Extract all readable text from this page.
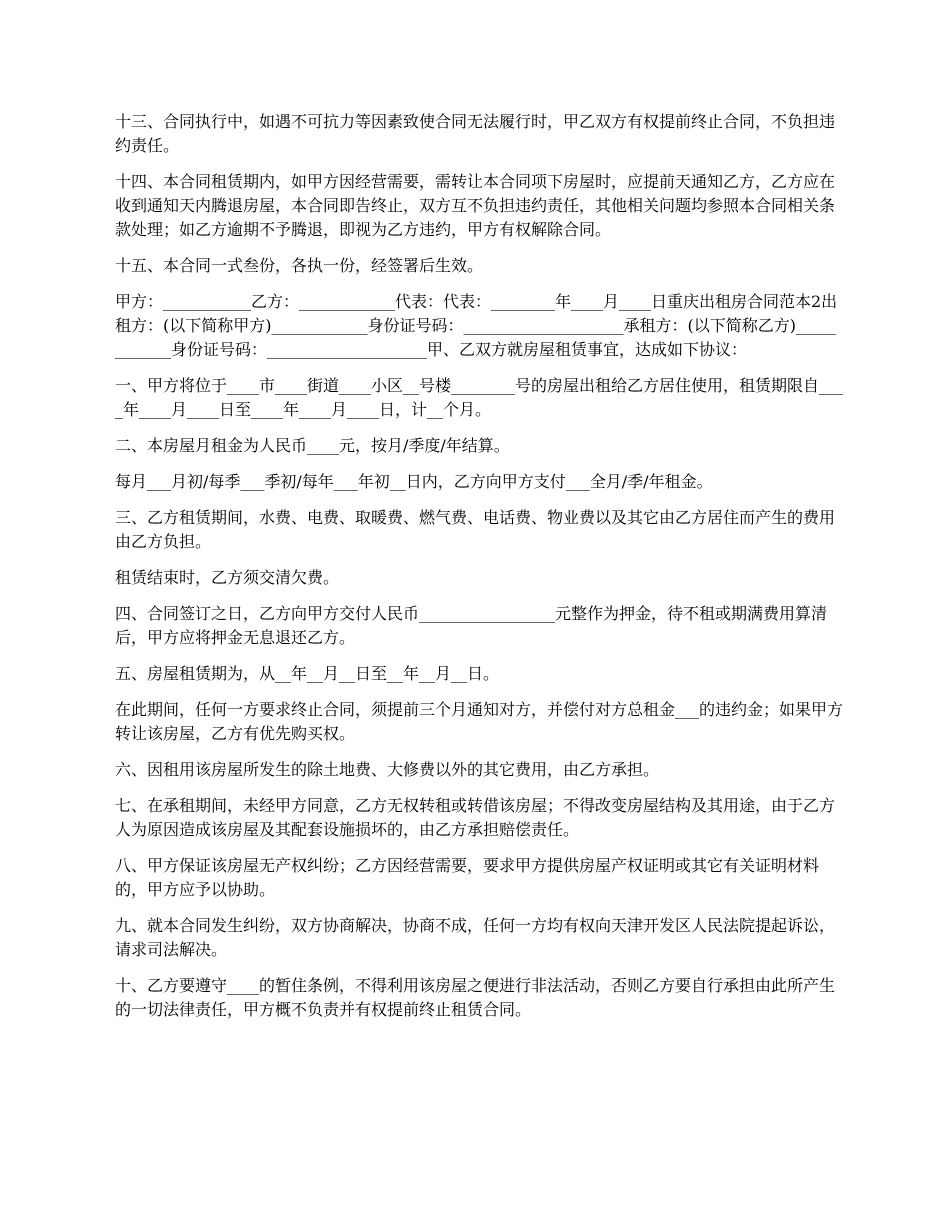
十三、合同执行中，如遇不可抗力等因素致使合同无法履行时，甲乙双方有权提前终止合同，不负担违约责任。

十四、本合同租赁期内，如甲方因经营需要，需转让本合同项下房屋时，应提前天通知乙方，乙方应在收到通知天内腾退房屋，本合同即告终止，双方互不负担违约责任，其他相关问题均参照本合同相关条款处理；如乙方逾期不予腾退，即视为乙方违约，甲方有权解除合同。

十五、本合同一式叁份，各执一份，经签署后生效。

甲方：___________乙方：____________代表：代表：________年____月____日重庆出租房合同范本2出租方：(以下简称甲方)____________身份证号码：____________________承租方：(以下简称乙方)____________身份证号码：____________________甲、乙双方就房屋租赁事宜，达成如下协议：

一、甲方将位于____市____街道____小区__号楼________号的房屋出租给乙方居住使用，租赁期限自____年____月____日至____年____月____日，计__个月。

二、本房屋月租金为人民币____元，按月/季度/年结算。

每月___月初/每季___季初/每年___年初__日内，乙方向甲方支付___全月/季/年租金。

三、乙方租赁期间，水费、电费、取暖费、燃气费、电话费、物业费以及其它由乙方居住而产生的费用由乙方负担。

租赁结束时，乙方须交清欠费。

四、合同签订之日，乙方向甲方交付人民币_________________元整作为押金，待不租或期满费用算清后，甲方应将押金无息退还乙方。

五、房屋租赁期为，从__年__月__日至__年__月__日。

在此期间，任何一方要求终止合同，须提前三个月通知对方，并偿付对方总租金___的违约金；如果甲方转让该房屋，乙方有优先购买权。

六、因租用该房屋所发生的除土地费、大修费以外的其它费用，由乙方承担。

七、在承租期间，未经甲方同意，乙方无权转租或转借该房屋；不得改变房屋结构及其用途，由于乙方人为原因造成该房屋及其配套设施损坏的，由乙方承担赔偿责任。

八、甲方保证该房屋无产权纠纷；乙方因经营需要，要求甲方提供房屋产权证明或其它有关证明材料的，甲方应予以协助。

九、就本合同发生纠纷，双方协商解决，协商不成，任何一方均有权向天津开发区人民法院提起诉讼，请求司法解决。

十、乙方要遵守____的暂住条例，不得利用该房屋之便进行非法活动，否则乙方要自行承担由此所产生的一切法律责任，甲方概不负责并有权提前终止租赁合同。
